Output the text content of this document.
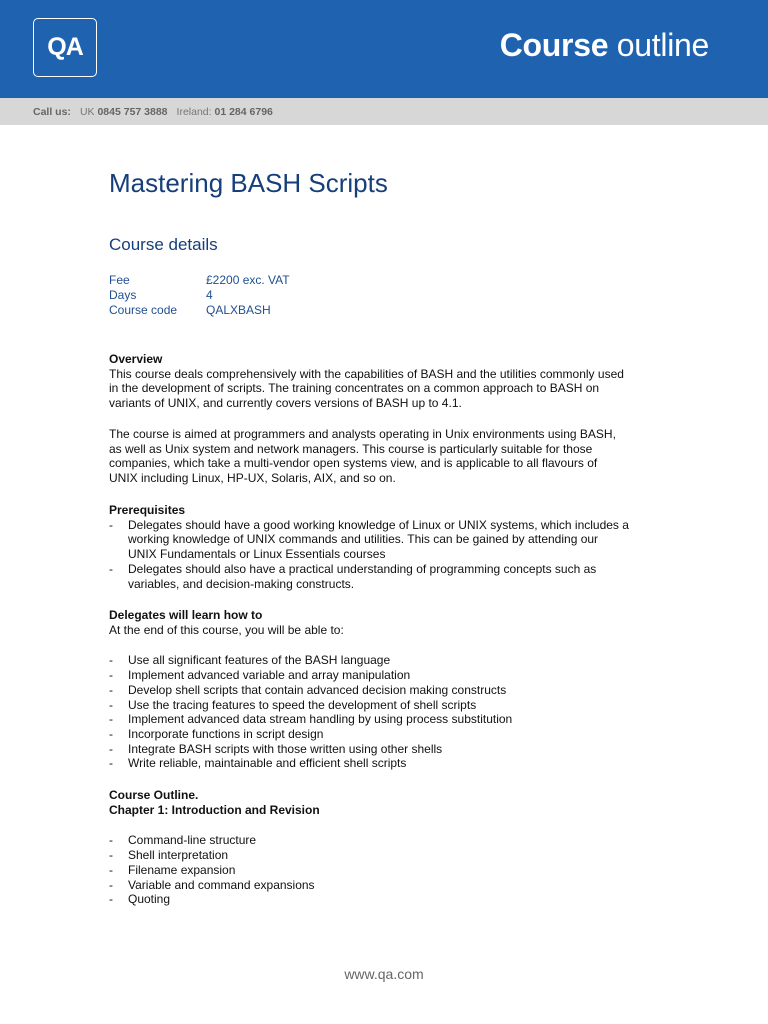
QA	Course outline
Call us: UK
0845 757 3888 Ireland:
01 284 6796
Mastering BASH Scripts
Course details
Fee	£2200 exc. VAT
Days	4
Course code	QALXBASH
Overview
This course deals comprehensively with the capabilities of BASH and the utilities commonly used in the development of scripts. The training concentrates on a common approach to BASH on variants of UNIX, and currently covers versions of BASH up to 4.1.
The course is aimed at programmers and analysts operating in Unix environments using BASH, as well as Unix system and network managers. This course is particularly suitable for those companies, which take a multi-vendor open systems view, and is applicable to all flavours of UNIX including Linux, HP-UX, Solaris, AIX, and so on.
Prerequisites
-	Delegates should have a good working knowledge of Linux or UNIX systems, which includes a working knowledge of UNIX commands and utilities. This can be gained by attending our UNIX Fundamentals or Linux Essentials courses
-	Delegates should also have a practical understanding of programming concepts such as variables, and decision-making constructs.
Delegates will learn how to
At the end of this course, you will be able to:
-	Use all significant features of the BASH language
-	Implement advanced variable and array manipulation
-	Develop shell scripts that contain advanced decision making constructs
-	Use the tracing features to speed the development of shell scripts
-	Implement advanced data stream handling by using process substitution
-	Incorporate functions in script design
-	Integrate BASH scripts with those written using other shells
-	Write reliable, maintainable and efficient shell scripts
Course Outline.
Chapter 1: Introduction and Revision
-	Command-line structure
-	Shell interpretation
-	Filename expansion
-	Variable and command expansions
-	Quoting
www.qa.com
